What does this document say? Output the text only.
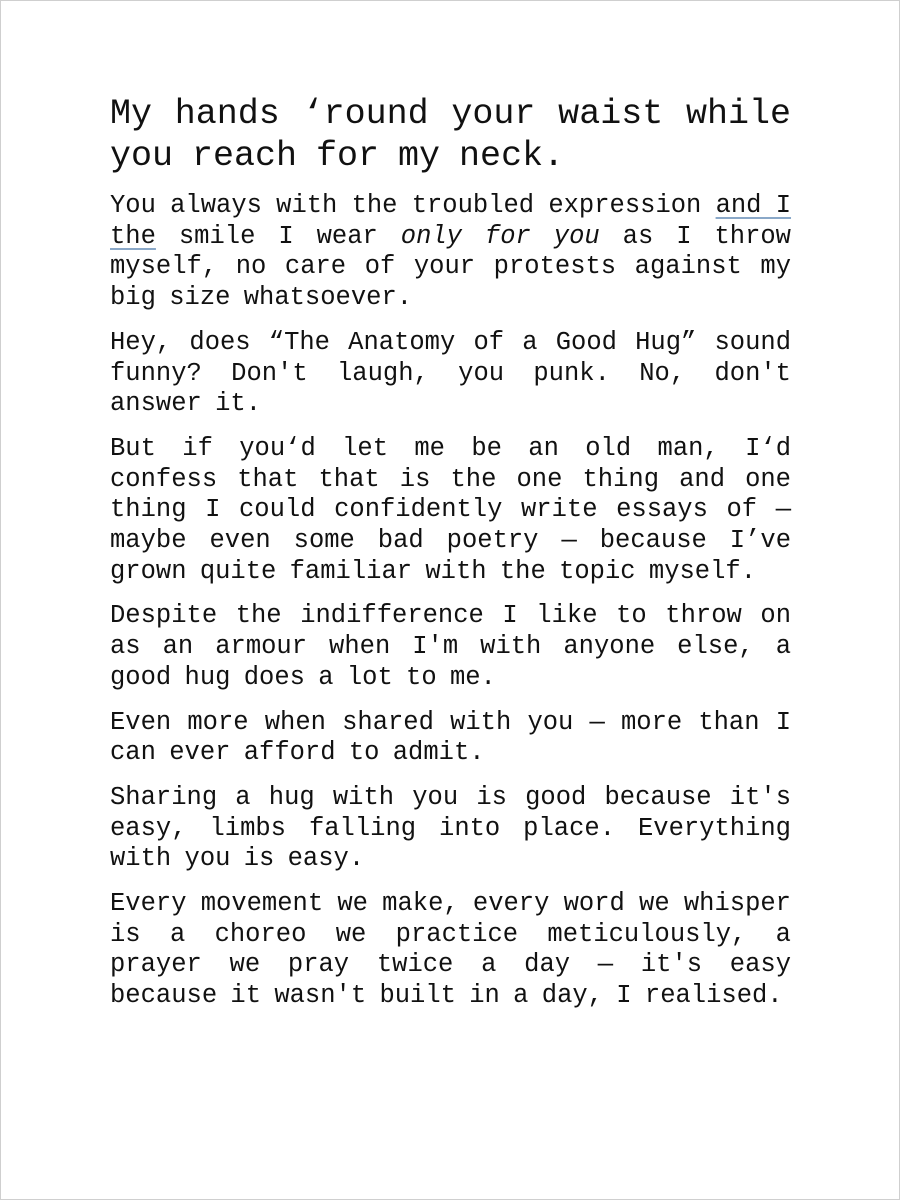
My hands ‘round your waist while you reach for my neck.

You always with the troubled expression and I the smile I wear only for you as I throw myself, no care of your protests against my big size whatsoever.

Hey, does “The Anatomy of a Good Hug” sound funny? Don't laugh, you punk. No, don't answer it.

But if you‘d let me be an old man, I‘d confess that that is the one thing and one thing I could confidently write essays of — maybe even some bad poetry — because I’ve grown quite familiar with the topic myself.

Despite the indifference I like to throw on as an armour when I'm with anyone else, a good hug does a lot to me.

Even more when shared with you — more than I can ever afford to admit.

Sharing a hug with you is good because it's easy, limbs falling into place. Everything with you is easy.

Every movement we make, every word we whisper is a choreo we practice meticulously, a prayer we pray twice a day — it's easy because it wasn't built in a day, I realised.
